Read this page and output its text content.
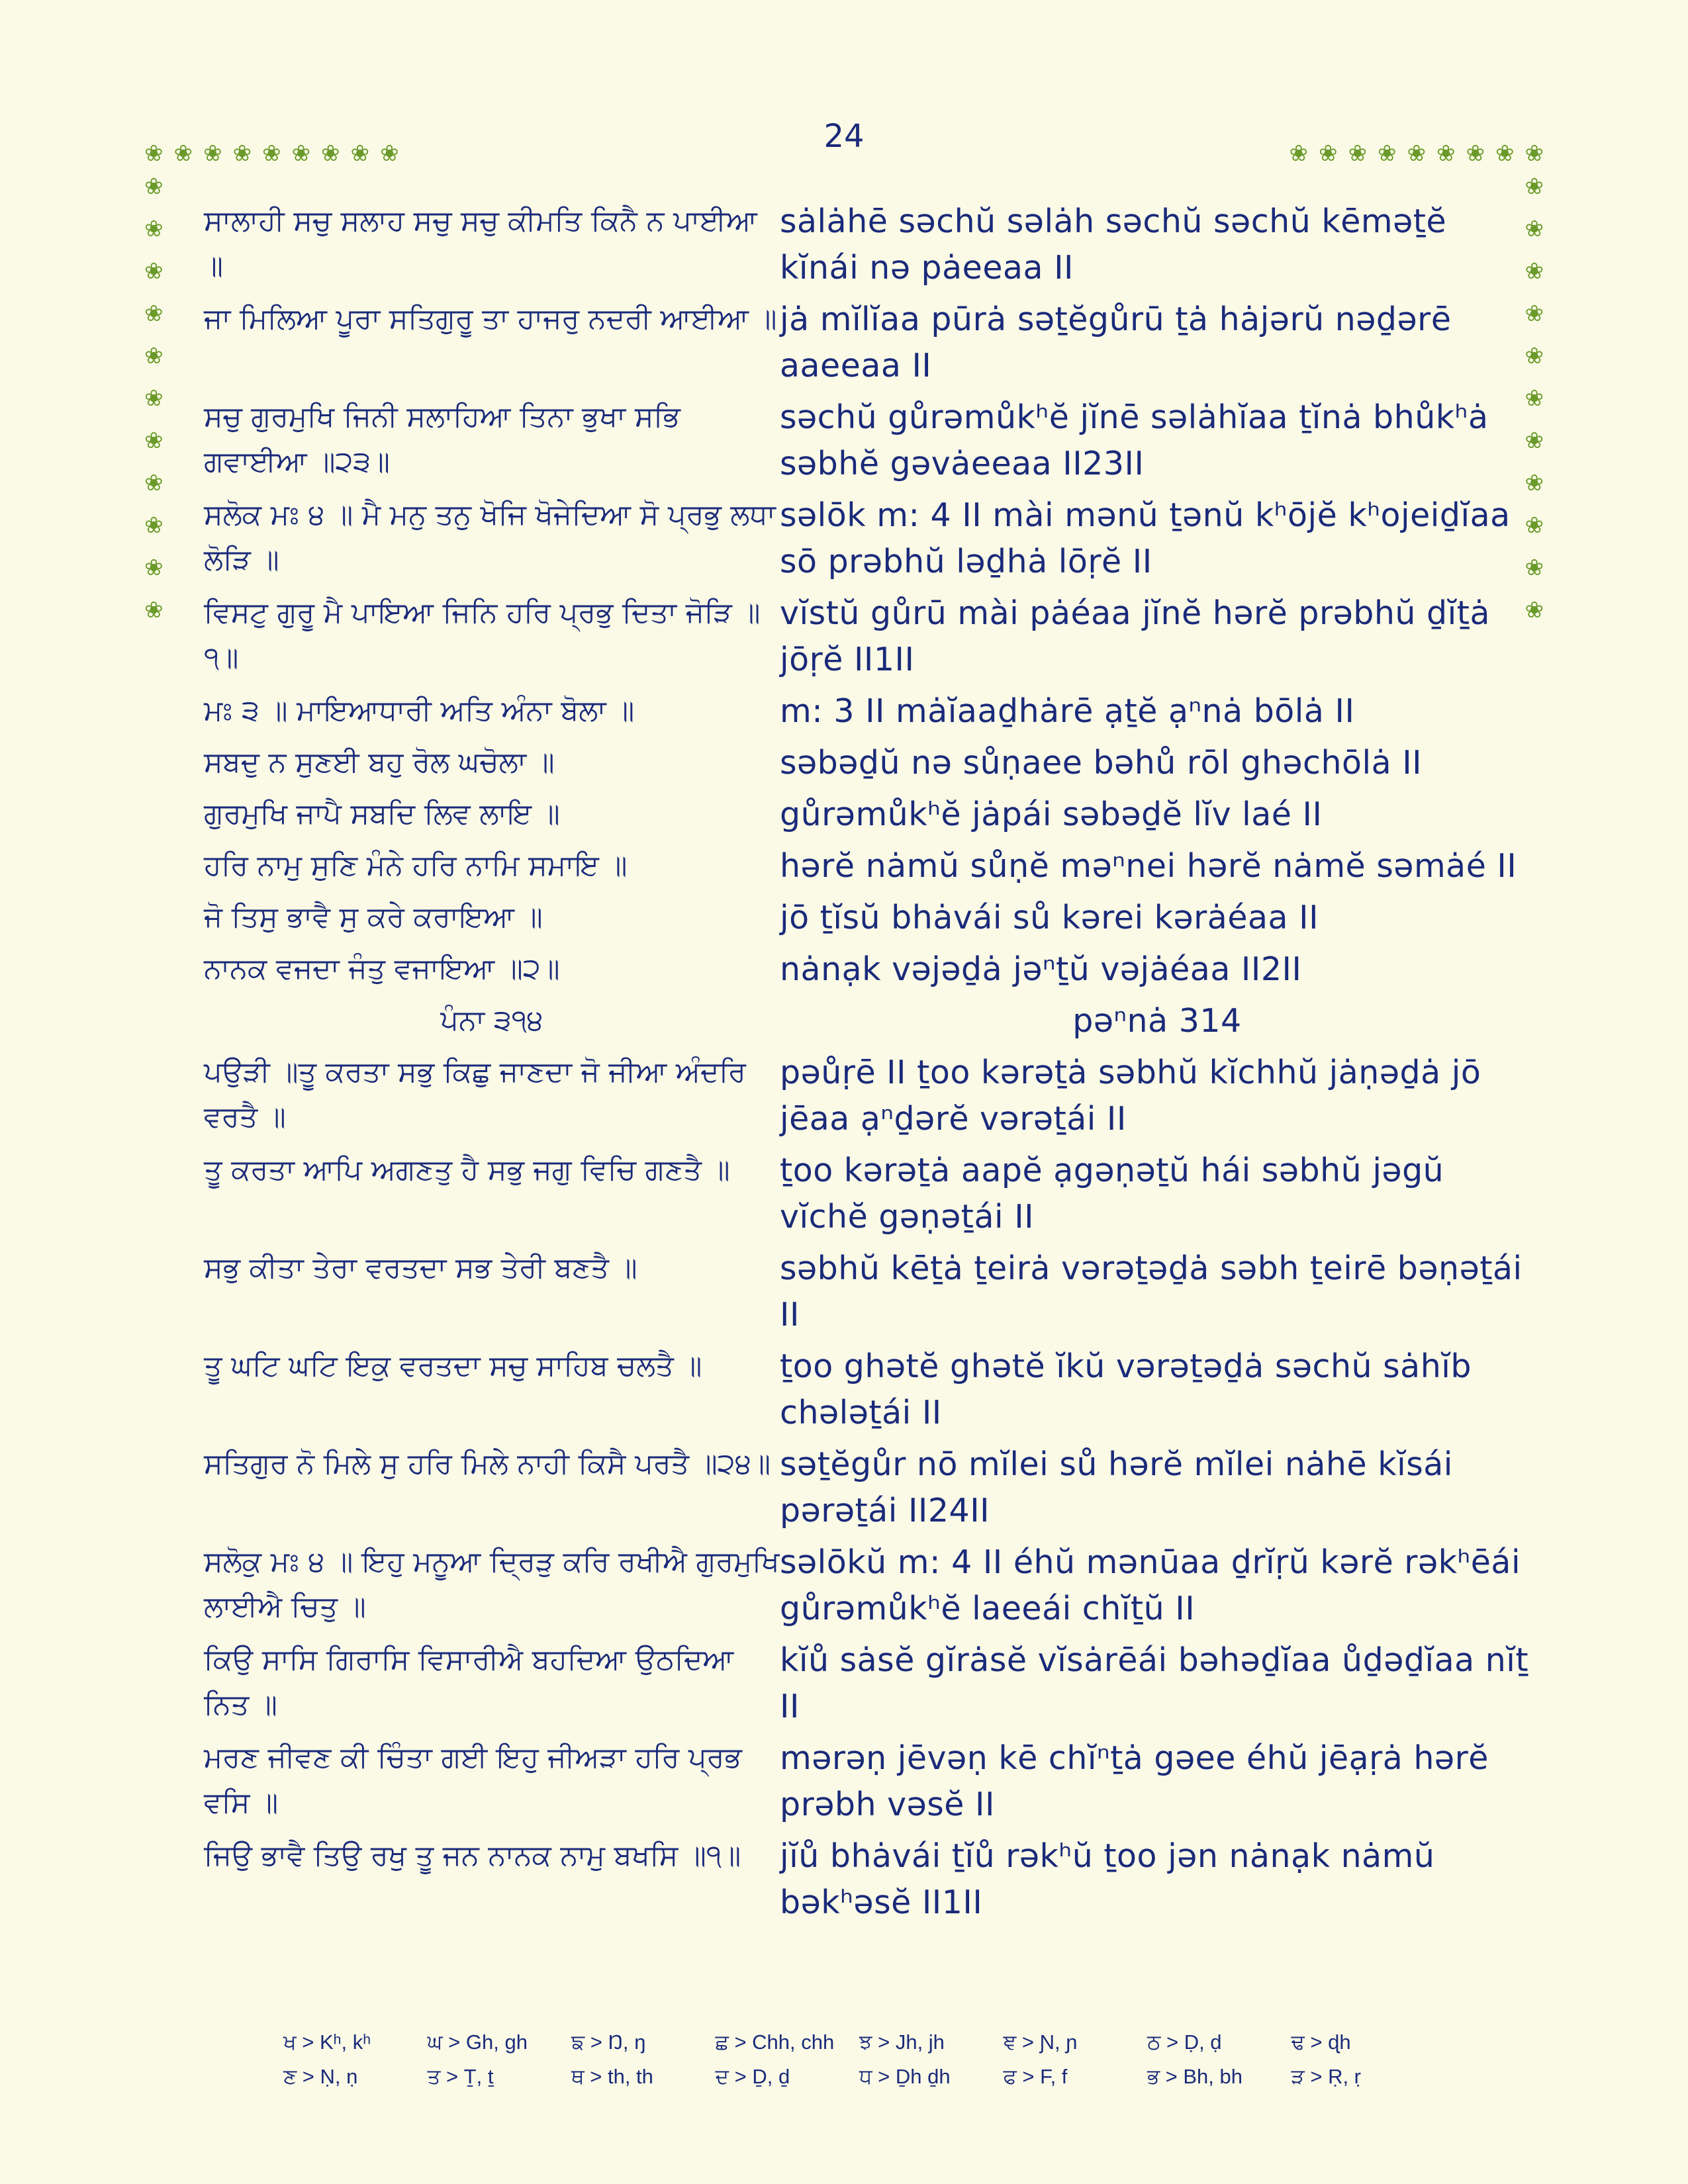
24
❀ ❀ ❀ ❀ ❀ ❀ ❀ ❀ ❀	❀ ❀ ❀ ❀ ❀ ❀ ❀ ❀ ❀
❀
❀
❀
❀
❀
❀
❀
❀
❀
❀
❀
❀
❀
❀
❀
❀
❀
❀
❀
❀
❀
❀
ਸਾਲਾਹੀ ਸਚੁ ਸਲਾਹ ਸਚੁ ਸਚੁ ਕੀਮਤਿ ਕਿਨੈ ਨ ਪਾਈਆ ॥
sȧlȧhē səchŭ səlȧh səchŭ səchŭ kēməṯĕ kĭnái nə pȧeeaa II
ਜਾ ਮਿਲਿਆ ਪੂਰਾ ਸਤਿਗੁਰੂ ਤਾ ਹਾਜਰੁ ਨਦਰੀ ਆਈਆ ॥ jȧ mĭlĭaa pūrȧ səṯĕgůrū ṯȧ hȧjərŭ nəḏərē aaeeaa II
ਸਚੁ ਗੁਰਮੁਖਿ ਜਿਨੀ ਸਲਾਹਿਆ ਤਿਨਾ ਭੁਖਾ ਸਭਿ ਗਵਾਈਆ ॥੨੩॥
səchŭ gůrəmůkʰĕ jĭnē səlȧhĭaa ṯĭnȧ bhůkʰȧ səbhĕ gəvȧeeaa II23II
ਸਲੋਕ ਮਃ ੪ ॥ ਮੈ ਮਨੁ ਤਨੁ ਖੋਜਿ ਖੋਜੇਦਿਆ ਸੋ ਪ੍ਰਭੁ ਲਧਾ ਲੋੜਿ ॥
səlōk m: 4 II mài mənŭ ṯənŭ kʰōjĕ kʰojeiḏĭaa sō prəbhŭ ləḏhȧ lōṛĕ II
ਵਿਸਟੁ ਗੁਰੂ ਮੈ ਪਾਇਆ ਜਿਨਿ ਹਰਿ ਪ੍ਰਭੁ ਦਿਤਾ ਜੋੜਿ ॥੧॥
vĭstŭ gůrū mài pȧéaa jĭnĕ hərĕ prəbhŭ ḏĭṯȧ jōṛĕ II1II
ਮਃ ੩ ॥ ਮਾਇਆਧਾਰੀ ਅਤਿ ਅੰਨਾ ਬੋਲਾ ॥	m: 3 II mȧĭaaḏhȧrē ạṯĕ ạⁿnȧ bōlȧ II
ਸਬਦੁ ਨ ਸੁਣਈ ਬਹੁ ਰੋਲ ਘਚੋਲਾ ॥	səbəḏŭ nə sůṇaee bəhů rōl ghəchōlȧ II
ਗੁਰਮੁਖਿ ਜਾਪੈ ਸਬਦਿ ਲਿਵ ਲਾਇ ॥	gůrəmůkʰĕ jȧpái səbəḏĕ lĭv laé II
ਹਰਿ ਨਾਮੁ ਸੁਣਿ ਮੰਨੇ ਹਰਿ ਨਾਮਿ ਸਮਾਇ ॥	hərĕ nȧmŭ sůṇĕ məⁿnei hərĕ nȧmĕ səmȧé II
ਜੋ ਤਿਸੁ ਭਾਵੈ ਸੁ ਕਰੇ ਕਰਾਇਆ ॥	jō ṯĭsŭ bhȧvái sů kərei kərȧéaa II
ਨਾਨਕ ਵਜਦਾ ਜੰਤੁ ਵਜਾਇਆ ॥੨॥	nȧnạk vəjəḏȧ jəⁿṯŭ vəjȧéaa II2II
ਪੰਨਾ ੩੧੪	pəⁿnȧ 314
ਪਉੜੀ ॥ਤੂ ਕਰਤਾ ਸਭੁ ਕਿਛੁ ਜਾਣਦਾ ਜੋ ਜੀਆ ਅੰਦਰਿ ਵਰਤੈ ॥
pəůṛē II ṯoo kərəṯȧ səbhŭ kĭchhŭ jȧṇəḏȧ jō jēaa ạⁿḏərĕ vərəṯái II
ਤੂ ਕਰਤਾ ਆਪਿ ਅਗਣਤੁ ਹੈ ਸਭੁ ਜਗੁ ਵਿਚਿ ਗਣਤੈ ॥	ṯoo kərəṯȧ aapĕ ạgəṇəṯŭ hái səbhŭ jəgŭ vĭchĕ gəṇəṯái II
ਸਭੁ ਕੀਤਾ ਤੇਰਾ ਵਰਤਦਾ ਸਭ ਤੇਰੀ ਬਣਤੈ ॥	səbhŭ kēṯȧ ṯeirȧ vərəṯəḏȧ səbh ṯeirē bəṇəṯái II
ਤੂ ਘਟਿ ਘਟਿ ਇਕੁ ਵਰਤਦਾ ਸਚੁ ਸਾਹਿਬ ਚਲਤੈ ॥	ṯoo ghətĕ ghətĕ ĭkŭ vərəṯəḏȧ səchŭ sȧhĭb chələṯái II
ਸਤਿਗੁਰ ਨੋ ਮਿਲੇ ਸੁ ਹਰਿ ਮਿਲੇ ਨਾਹੀ ਕਿਸੈ ਪਰਤੈ ॥੨੪॥ səṯĕgůr nō mĭlei sů hərĕ mĭlei nȧhē kĭsái pərəṯái II24II
ਸਲੋਕੁ ਮਃ ੪ ॥ ਇਹੁ ਮਨੂਆ ਦ੍ਰਿੜੁ ਕਰਿ ਰਖੀਐ ਗੁਰਮੁਖਿ ਲਾਈਐ ਚਿਤੁ ॥
səlōkŭ m: 4 II éhŭ mənūaa ḏrĭṛŭ kərĕ rəkʰēái gůrəmůkʰĕ laeeái chĭṯŭ II
ਕਿਉ ਸਾਸਿ ਗਿਰਾਸਿ ਵਿਸਾਰੀਐ ਬਹਦਿਆ ਉਠਦਿਆ ਨਿਤ ॥
kĭů sȧsĕ gĭrȧsĕ vĭsȧrēái bəhəḏĭaa ůḏəḏĭaa nĭṯ II
ਮਰਣ ਜੀਵਣ ਕੀ ਚਿੰਤਾ ਗਈ ਇਹੁ ਜੀਅੜਾ ਹਰਿ ਪ੍ਰਭ ਵਸਿ ॥
mərəṇ jēvəṇ kē chĭⁿṯȧ gəee éhŭ jēạṛȧ hərĕ prəbh vəsĕ II
ਜਿਉ ਭਾਵੈ ਤਿਉ ਰਖੁ ਤੂ ਜਨ ਨਾਨਕ ਨਾਮੁ ਬਖਸਿ ॥੧॥	jĭů bhȧvái ṯĭů rəkʰŭ ṯoo jən nȧnạk nȧmŭ bəkʰəsĕ II1II
ਖ > Kʰ, kʰ	ਘ > Gh, gh	ਙ > Ŋ, ŋ	ਛ > Chh, chh	ਝ > Jh, jh	ਞ > Ɲ, ɲ	ਠ > Ḍ, ḍ	ਢ > ɖh
ਣ > Ṇ, ṇ	ਤ > Ṯ, ṯ	ਥ > th, th	ਦ > Ḏ, ḏ	ਧ > Ḏh ḏh	ਫ > F, f	ਭ > Bh, bh	ੜ > Ṛ, ṛ
